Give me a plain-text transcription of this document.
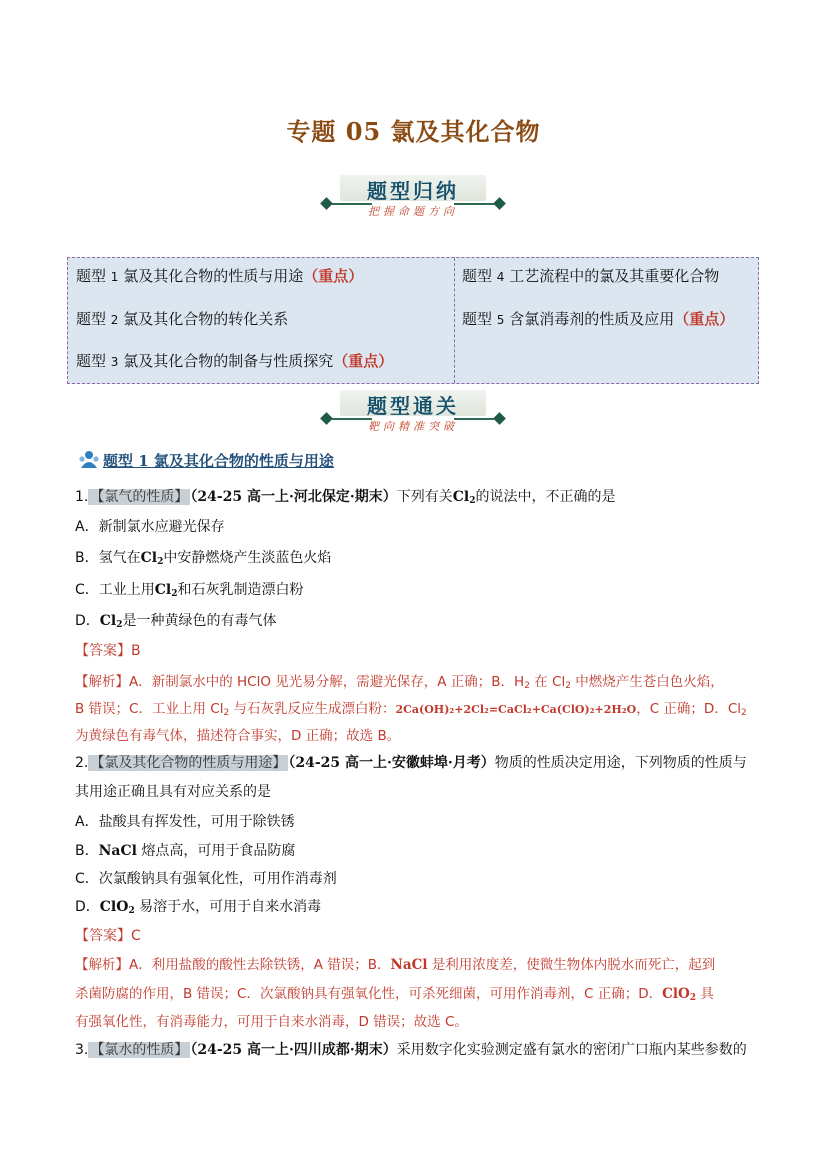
专题 05 氯及其化合物
题型归纳
把握命题方向
题型 1 氯及其化合物的性质与用途（重点）
题型 2 氯及其化合物的转化关系
题型 3 氯及其化合物的制备与性质探究（重点）
题型 4 工艺流程中的氯及其重要化合物
题型 5 含氯消毒剂的性质及应用（重点）
题型通关
靶向精准突破
题型 1 氯及其化合物的性质与用途
1. 【氯气的性质】 （24-25 高一上·河北保定·期末）下列有关Cl2的说法中，不正确的是
A．新制氯水应避光保存
B．氢气在Cl2中安静燃烧产生淡蓝色火焰
C．工业上用Cl2和石灰乳制造漂白粉
D．Cl2是一种黄绿色的有毒气体
【答案】B
【解析】A．新制氯水中的 HClO 见光易分解，需避光保存，A 正确；B．H2 在 Cl2 中燃烧产生苍白色火焰，
B 错误；C．工业上用 Cl2 与石灰乳反应生成漂白粉：2Ca(OH)₂+2Cl₂=CaCl₂+Ca(ClO)₂+2H₂O，C 正确；D．Cl2
为黄绿色有毒气体，描述符合事实，D 正确；故选 B。
2. 【氯及其化合物的性质与用途】 （24-25 高一上·安徽蚌埠·月考）物质的性质决定用途，下列物质的性质与
其用途正确且具有对应关系的是
A．盐酸具有挥发性，可用于除铁锈
B．NaCl 熔点高，可用于食品防腐
C．次氯酸钠具有强氧化性，可用作消毒剂
D．ClO2 易溶于水，可用于自来水消毒
【答案】C
【解析】A．利用盐酸的酸性去除铁锈，A 错误；B．NaCl 是利用浓度差，使微生物体内脱水而死亡，起到
杀菌防腐的作用，B 错误；C．次氯酸钠具有强氧化性，可杀死细菌，可用作消毒剂，C 正确；D．ClO2 具
有强氧化性，有消毒能力，可用于自来水消毒，D 错误；故选 C。
3. 【氯水的性质】 （24-25 高一上·四川成都·期末）采用数字化实验测定盛有氯水的密闭广口瓶内某些参数的
